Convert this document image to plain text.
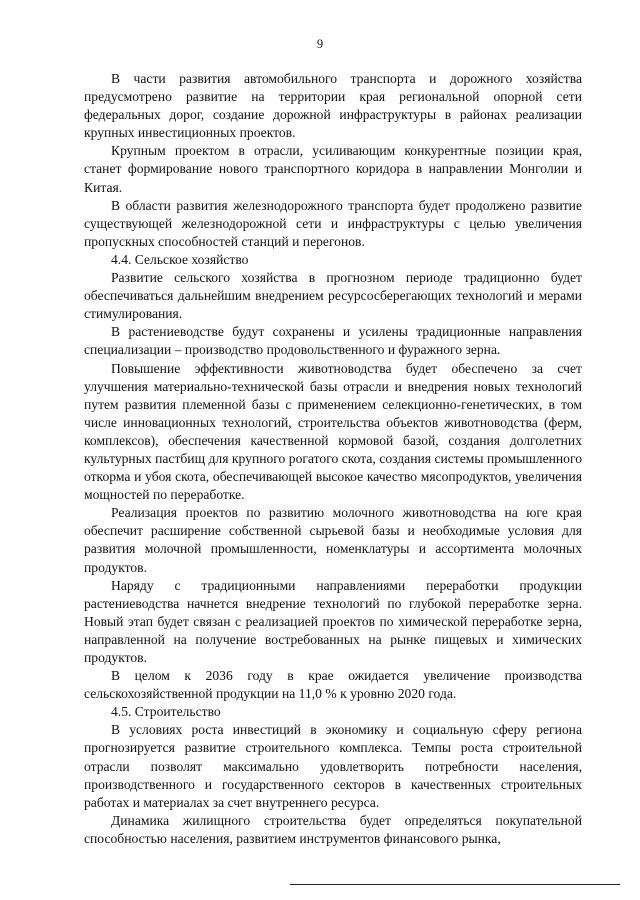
9

В части развития автомобильного транспорта и дорожного хозяйства предусмотрено развитие на территории края региональной опорной сети федеральных дорог, создание дорожной инфраструктуры в районах реализации крупных инвестиционных проектов.

Крупным проектом в отрасли, усиливающим конкурентные позиции края, станет формирование нового транспортного коридора в направлении Монголии и Китая.

В области развития железнодорожного транспорта будет продолжено развитие существующей железнодорожной сети и инфраструктуры с целью увеличения пропускных способностей станций и перегонов.

4.4. Сельское хозяйство

Развитие сельского хозяйства в прогнозном периоде традиционно будет обеспечиваться дальнейшим внедрением ресурсосберегающих технологий и мерами стимулирования.

В растениеводстве будут сохранены и усилены традиционные направления специализации – производство продовольственного и фуражного зерна.

Повышение эффективности животноводства будет обеспечено за счет улучшения материально-технической базы отрасли и внедрения новых технологий путем развития племенной базы с применением селекционно-генетических, в том числе инновационных технологий, строительства объектов животноводства (ферм, комплексов), обеспечения качественной кормовой базой, создания долголетних культурных пастбищ для крупного рогатого скота, создания системы промышленного откорма и убоя скота, обеспечивающей высокое качество мясопродуктов, увеличения мощностей по переработке.

Реализация проектов по развитию молочного животноводства на юге края обеспечит расширение собственной сырьевой базы и необходимые условия для развития молочной промышленности, номенклатуры и ассортимента молочных продуктов.

Наряду с традиционными направлениями переработки продукции растениеводства начнется внедрение технологий по глубокой переработке зерна. Новый этап будет связан с реализацией проектов по химической переработке зерна, направленной на получение востребованных на рынке пищевых и химических продуктов.

В целом к 2036 году в крае ожидается увеличение производства сельскохозяйственной продукции на 11,0 % к уровню 2020 года.

4.5. Строительство

В условиях роста инвестиций в экономику и социальную сферу региона прогнозируется развитие строительного комплекса. Темпы роста строительной отрасли позволят максимально удовлетворить потребности населения, производственного и государственного секторов в качественных строительных работах и материалах за счет внутреннего ресурса.

Динамика жилищного строительства будет определяться покупательной способностью населения, развитием инструментов финансового рынка,
